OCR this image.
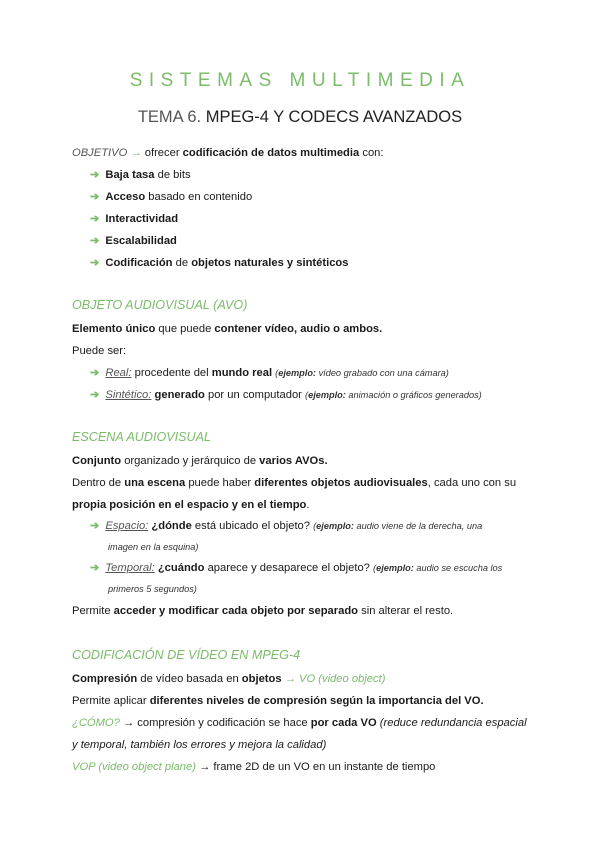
SISTEMAS MULTIMEDIA
TEMA 6. MPEG-4 Y CODECS AVANZADOS
OBJETIVO → ofrecer codificación de datos multimedia con:
➔ Baja tasa de bits
➔ Acceso basado en contenido
➔ Interactividad
➔ Escalabilidad
➔ Codificación de objetos naturales y sintéticos
OBJETO AUDIOVISUAL (AVO)
Elemento único que puede contener vídeo, audio o ambos.
Puede ser:
➔ Real: procedente del mundo real (ejemplo: vídeo grabado con una cámara)
➔ Sintético: generado por un computador (ejemplo: animación o gráficos generados)
ESCENA AUDIOVISUAL
Conjunto organizado y jerárquico de varios AVOs.
Dentro de una escena puede haber diferentes objetos audiovisuales, cada uno con su
propia posición en el espacio y en el tiempo.
➔ Espacio: ¿dónde está ubicado el objeto? (ejemplo: audio viene de la derecha, una
imagen en la esquina)
➔ Temporal: ¿cuándo aparece y desaparece el objeto? (ejemplo: audio se escucha los
primeros 5 segundos)
Permite acceder y modificar cada objeto por separado sin alterar el resto.
CODIFICACIÓN DE VÍDEO EN MPEG-4
Compresión de vídeo basada en objetos → VO (video object)
Permite aplicar diferentes niveles de compresión según la importancia del VO.
¿CÓMO? → compresión y codificación se hace por cada VO (reduce redundancia espacial
y temporal, también los errores y mejora la calidad)
VOP (video object plane) → frame 2D de un VO en un instante de tiempo
